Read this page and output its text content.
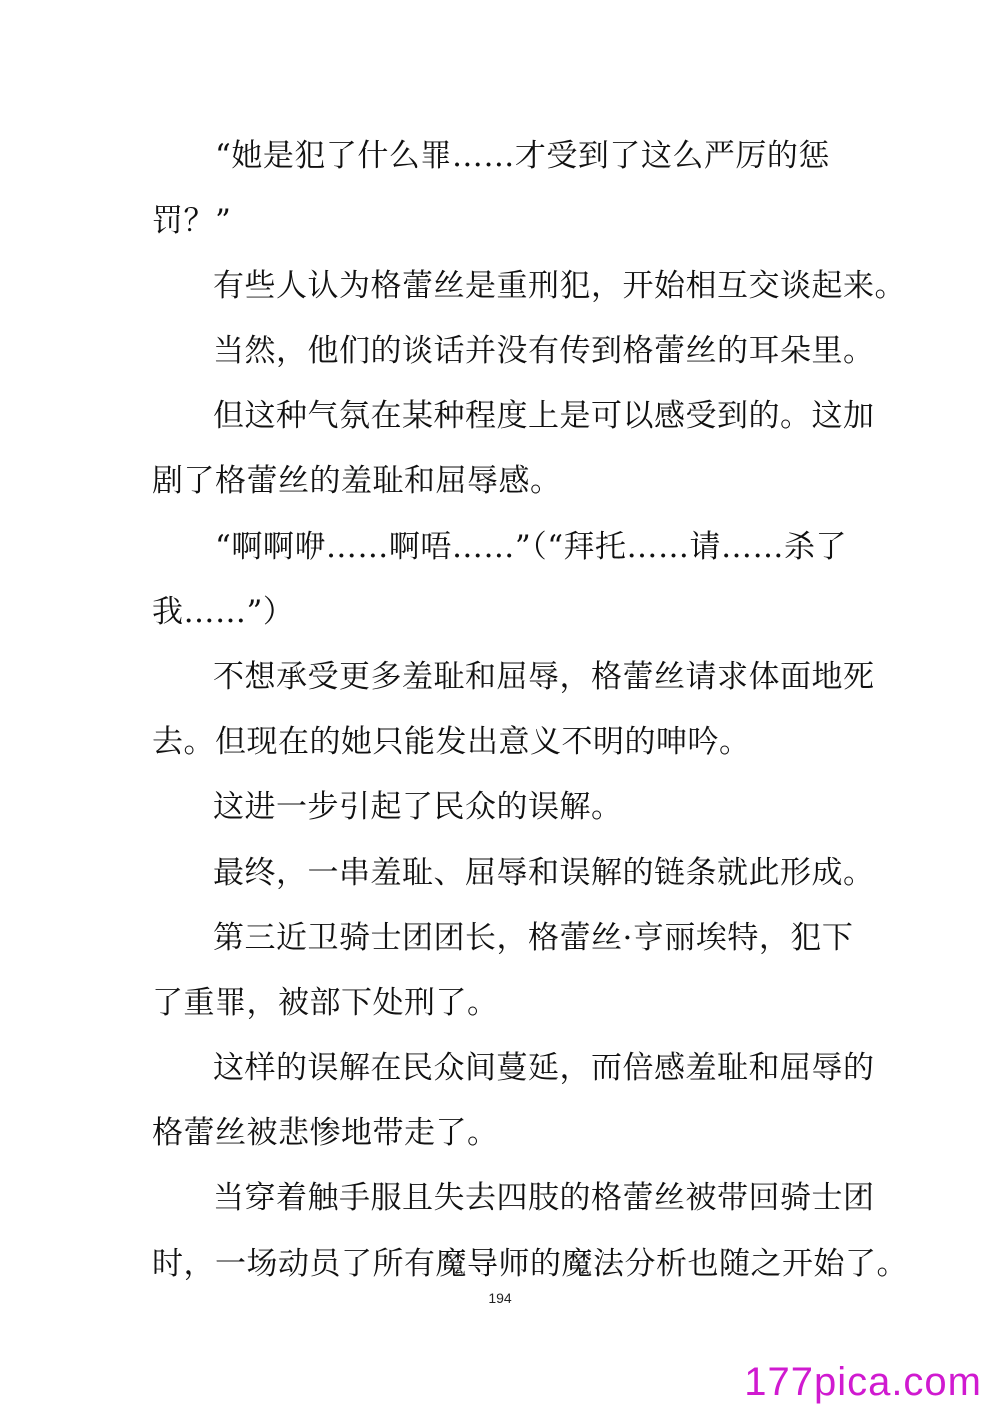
“她是犯了什么罪……才受到了这么严厉的惩
罚？”
有些人认为格蕾丝是重刑犯，开始相互交谈起来。
当然，他们的谈话并没有传到格蕾丝的耳朵里。
但这种气氛在某种程度上是可以感受到的。这加
剧了格蕾丝的羞耻和屈辱感。
“啊啊咿……啊唔……”（“拜托……请……杀了
我……”）
不想承受更多羞耻和屈辱，格蕾丝请求体面地死
去。但现在的她只能发出意义不明的呻吟。
这进一步引起了民众的误解。
最终，一串羞耻、屈辱和误解的链条就此形成。
第三近卫骑士团团长，格蕾丝·亨丽埃特，犯下
了重罪，被部下处刑了。
这样的误解在民众间蔓延，而倍感羞耻和屈辱的
格蕾丝被悲惨地带走了。
当穿着触手服且失去四肢的格蕾丝被带回骑士团
时，一场动员了所有魔导师的魔法分析也随之开始了。
194
177pica.com
